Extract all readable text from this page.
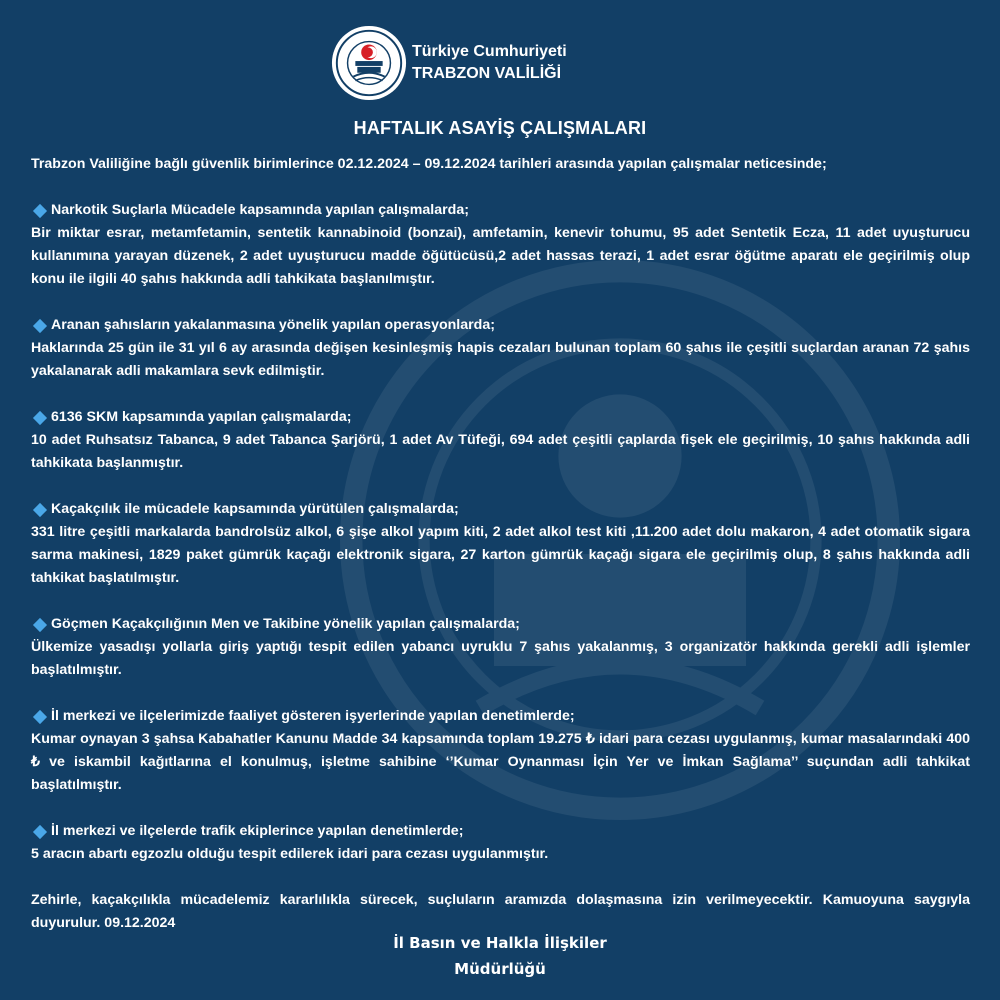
Türkiye Cumhuriyeti
TRABZON VALİLİĞİ
HAFTALIK ASAYİŞ ÇALIŞMALARI
Trabzon Valiliğine bağlı güvenlik birimlerince 02.12.2024 – 09.12.2024 tarihleri arasında yapılan çalışmalar neticesinde;
Narkotik Suçlarla Mücadele kapsamında yapılan çalışmalarda;
Bir miktar esrar, metamfetamin, sentetik kannabinoid (bonzai), amfetamin, kenevir tohumu, 95 adet Sentetik Ecza, 11 adet uyuşturucu kullanımına yarayan düzenek, 2 adet uyuşturucu madde öğütücüsü,2 adet hassas terazi, 1 adet esrar öğütme aparatı ele geçirilmiş olup konu ile ilgili 40 şahıs hakkında adli tahkikata başlanılmıştır.
Aranan şahısların yakalanmasına yönelik yapılan operasyonlarda;
Haklarında 25 gün ile 31 yıl 6 ay arasında değişen kesinleşmiş hapis cezaları bulunan toplam 60 şahıs ile çeşitli suçlardan aranan 72 şahıs yakalanarak adli makamlara sevk edilmiştir.
6136 SKM kapsamında yapılan çalışmalarda;
10 adet Ruhsatsız Tabanca, 9 adet Tabanca Şarjörü, 1 adet Av Tüfeği, 694 adet çeşitli çaplarda fişek ele geçirilmiş, 10 şahıs hakkında adli tahkikata başlanmıştır.
Kaçakçılık ile mücadele kapsamında yürütülen çalışmalarda;
331 litre çeşitli markalarda bandrolsüz alkol, 6 şişe alkol yapım kiti, 2 adet alkol test kiti ,11.200 adet dolu makaron, 4 adet otomatik sigara sarma makinesi, 1829 paket gümrük kaçağı elektronik sigara, 27 karton gümrük kaçağı sigara ele geçirilmiş olup, 8 şahıs hakkında adli tahkikat başlatılmıştır.
Göçmen Kaçakçılığının Men ve Takibine yönelik yapılan çalışmalarda;
Ülkemize yasadışı yollarla giriş yaptığı tespit edilen yabancı uyruklu 7 şahıs yakalanmış, 3 organizatör hakkında gerekli adli işlemler başlatılmıştır.
İl merkezi ve ilçelerimizde faaliyet gösteren işyerlerinde yapılan denetimlerde;
Kumar oynayan 3 şahsa Kabahatler Kanunu Madde 34 kapsamında toplam 19.275 ₺ idari para cezası uygulanmış, kumar masalarındaki 400 ₺ ve iskambil kağıtlarına el konulmuş, işletme sahibine ‘’Kumar Oynanması İçin Yer ve İmkan Sağlama’’ suçundan adli tahkikat başlatılmıştır.
İl merkezi ve ilçelerde trafik ekiplerince yapılan denetimlerde;
5 aracın abartı egzozlu olduğu tespit edilerek idari para cezası uygulanmıştır.
Zehirle, kaçakçılıkla mücadelemiz kararlılıkla sürecek, suçluların aramızda dolaşmasına izin verilmeyecektir. Kamuoyuna saygıyla duyurulur. 09.12.2024
İl Basın ve Halkla İlişkiler
Müdürlüğü
